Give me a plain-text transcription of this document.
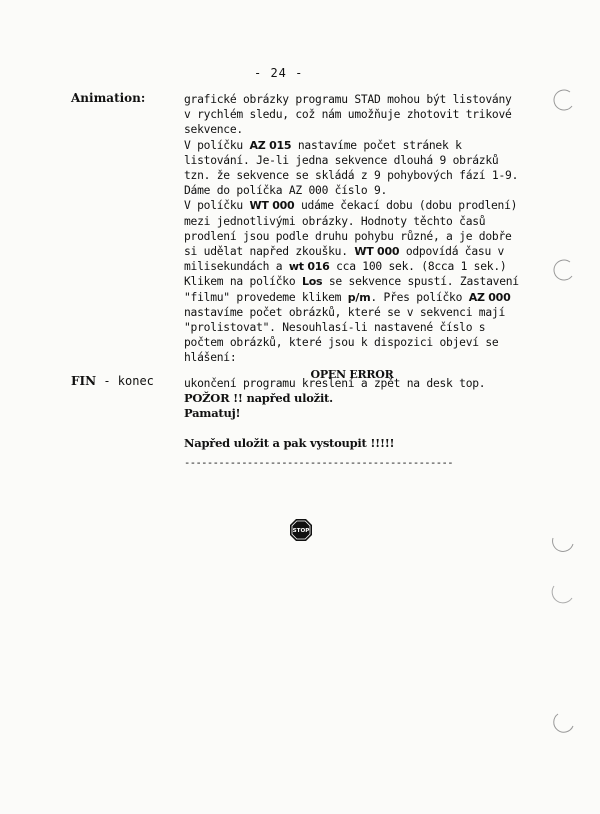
- 24 -
Animation:	grafické obrázky programu STAD mohou být listovány v rychlém sledu, což nám umožňuje zhotovit trikové sekvence.

V políčku AZ 015 nastavíme počet stránek k listování. Je-li jedna sekvence dlouhá 9 obrázků tzn. že sekvence se skládá z 9 pohybových fází 1-9. Dáme do políčka AZ 000 číslo 9.

V políčku WT 000 udáme čekací dobu (dobu prodlení) mezi jednotlivými obrázky. Hodnoty těchto časů prodlení jsou podle druhu pohybu různé, a je dobře si udělat napřed zkoušku. WT 000 odpovídá času v milisekundách a wt 016 cca 100 sek. (8cca 1 sek.)

Klikem na políčko Los se sekvence spustí. Zastavení "filmu" provedeme klikem p/m. Přes políčko AZ 000 nastavíme počet obrázků, které se v sekvenci mají "prolistovat". Nesouhlasí-li nastavené číslo s počtem obrázků, které jsou k dispozici objeví se hlášení:

OPEN ERROR
FIN - konec	ukončení programu kreslení a zpět na desk top.

POŽOR !! napřed uložit.

Pamatuj!

Napřed uložit a pak vystoupit !!!!!

-----------------------------------------------
STOP
